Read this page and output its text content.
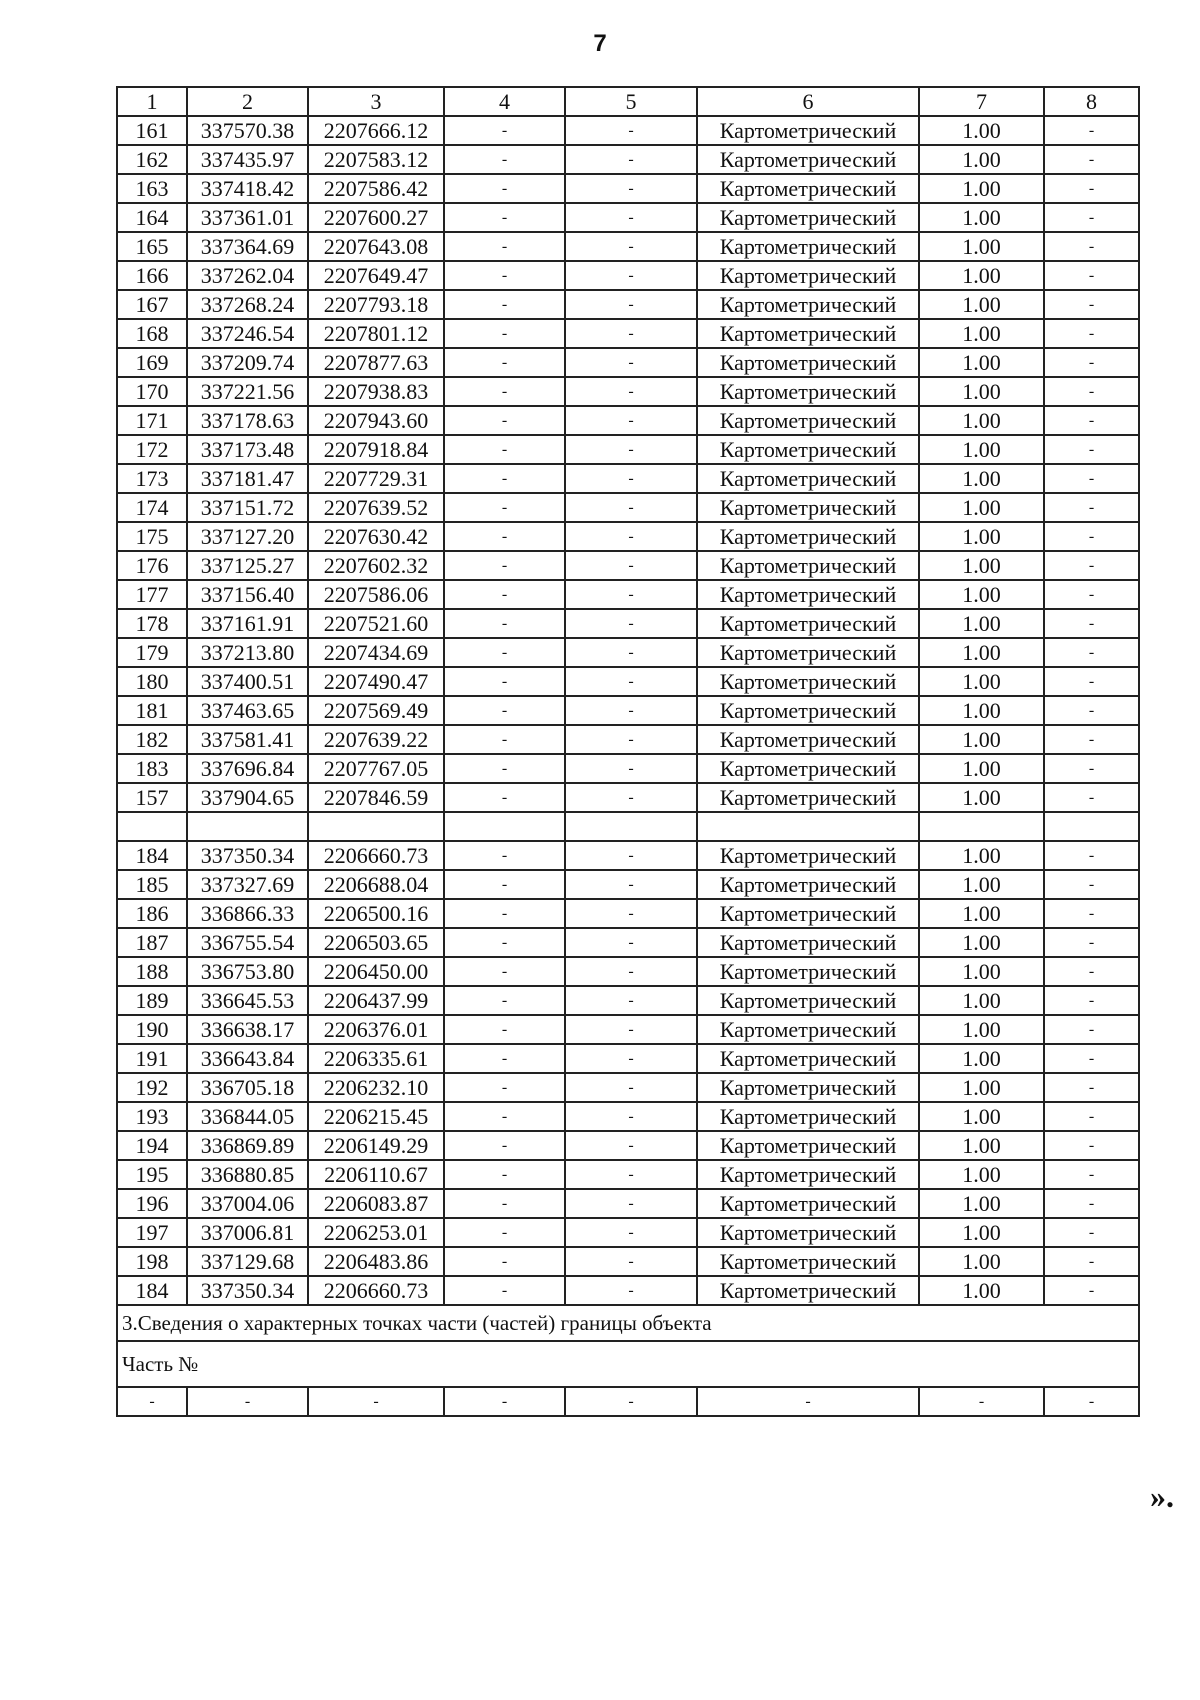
7
1	2	3	4	5	6	7	8
161	337570.38	2207666.12	-	-	Картометрический	1.00	-
162	337435.97	2207583.12	-	-	Картометрический	1.00	-
163	337418.42	2207586.42	-	-	Картометрический	1.00	-
164	337361.01	2207600.27	-	-	Картометрический	1.00	-
165	337364.69	2207643.08	-	-	Картометрический	1.00	-
166	337262.04	2207649.47	-	-	Картометрический	1.00	-
167	337268.24	2207793.18	-	-	Картометрический	1.00	-
168	337246.54	2207801.12	-	-	Картометрический	1.00	-
169	337209.74	2207877.63	-	-	Картометрический	1.00	-
170	337221.56	2207938.83	-	-	Картометрический	1.00	-
171	337178.63	2207943.60	-	-	Картометрический	1.00	-
172	337173.48	2207918.84	-	-	Картометрический	1.00	-
173	337181.47	2207729.31	-	-	Картометрический	1.00	-
174	337151.72	2207639.52	-	-	Картометрический	1.00	-
175	337127.20	2207630.42	-	-	Картометрический	1.00	-
176	337125.27	2207602.32	-	-	Картометрический	1.00	-
177	337156.40	2207586.06	-	-	Картометрический	1.00	-
178	337161.91	2207521.60	-	-	Картометрический	1.00	-
179	337213.80	2207434.69	-	-	Картометрический	1.00	-
180	337400.51	2207490.47	-	-	Картометрический	1.00	-
181	337463.65	2207569.49	-	-	Картометрический	1.00	-
182	337581.41	2207639.22	-	-	Картометрический	1.00	-
183	337696.84	2207767.05	-	-	Картометрический	1.00	-
157	337904.65	2207846.59	-	-	Картометрический	1.00	-

184	337350.34	2206660.73	-	-	Картометрический	1.00	-
185	337327.69	2206688.04	-	-	Картометрический	1.00	-
186	336866.33	2206500.16	-	-	Картометрический	1.00	-
187	336755.54	2206503.65	-	-	Картометрический	1.00	-
188	336753.80	2206450.00	-	-	Картометрический	1.00	-
189	336645.53	2206437.99	-	-	Картометрический	1.00	-
190	336638.17	2206376.01	-	-	Картометрический	1.00	-
191	336643.84	2206335.61	-	-	Картометрический	1.00	-
192	336705.18	2206232.10	-	-	Картометрический	1.00	-
193	336844.05	2206215.45	-	-	Картометрический	1.00	-
194	336869.89	2206149.29	-	-	Картометрический	1.00	-
195	336880.85	2206110.67	-	-	Картометрический	1.00	-
196	337004.06	2206083.87	-	-	Картометрический	1.00	-
197	337006.81	2206253.01	-	-	Картометрический	1.00	-
198	337129.68	2206483.86	-	-	Картометрический	1.00	-
184	337350.34	2206660.73	-	-	Картометрический	1.00	-
3.Сведения о характерных точках части (частей) границы объекта							
Часть №							
-	-	-	-	-	-	-	-
».
